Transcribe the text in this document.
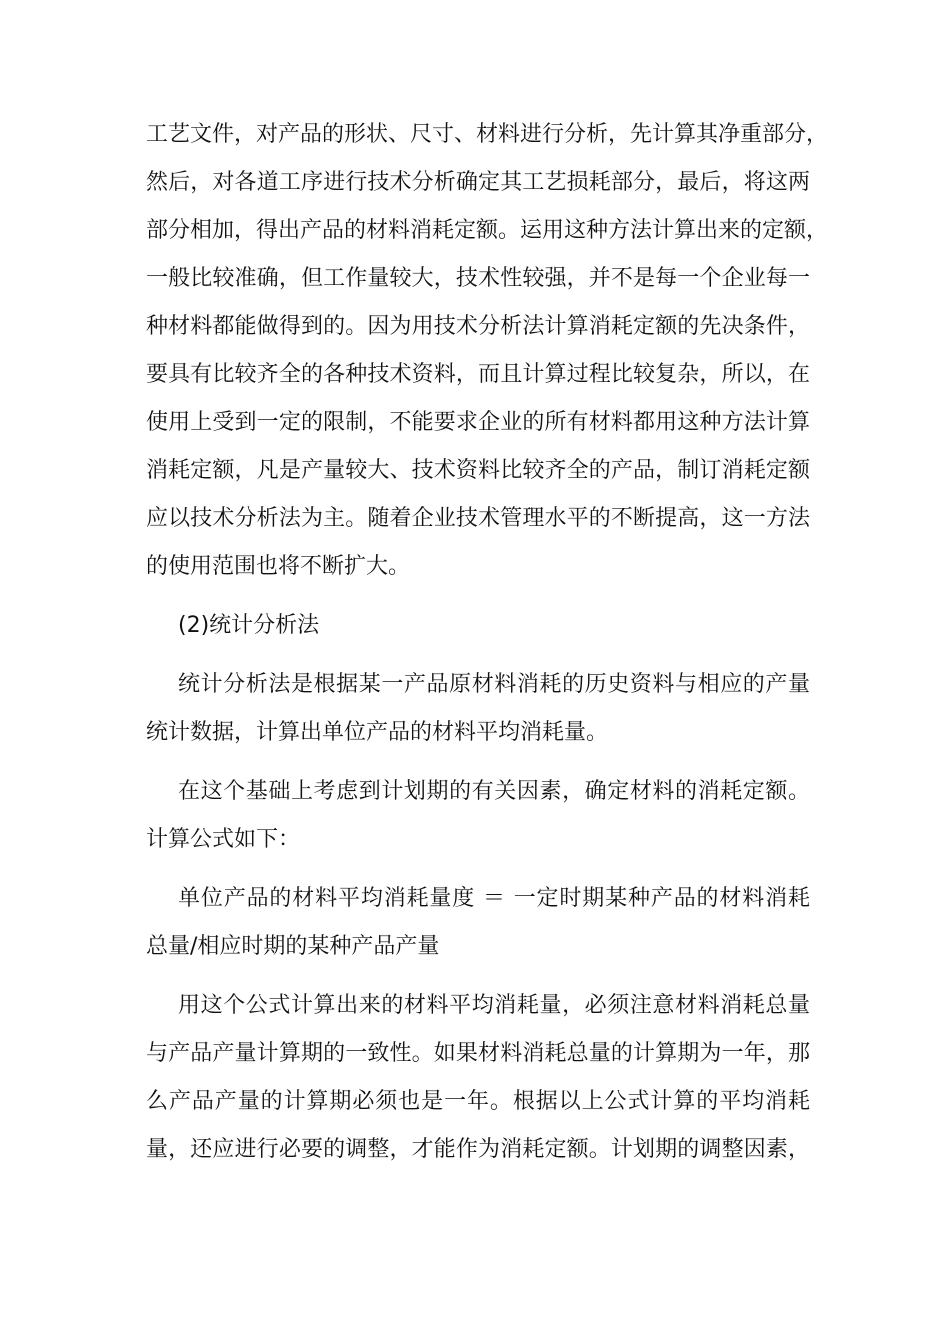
工艺文件，对产品的形状、尺寸、材料进行分析，先计算其净重部分，
然后，对各道工序进行技术分析确定其工艺损耗部分，最后，将这两
部分相加，得出产品的材料消耗定额。运用这种方法计算出来的定额，
一般比较准确，但工作量较大，技术性较强，并不是每一个企业每一
种材料都能做得到的。因为用技术分析法计算消耗定额的先决条件，
要具有比较齐全的各种技术资料，而且计算过程比较复杂，所以，在
使用上受到一定的限制，不能要求企业的所有材料都用这种方法计算
消耗定额，凡是产量较大、技术资料比较齐全的产品，制订消耗定额
应以技术分析法为主。随着企业技术管理水平的不断提高，这一方法
的使用范围也将不断扩大。

(2)统计分析法

统计分析法是根据某一产品原材料消耗的历史资料与相应的产量
统计数据，计算出单位产品的材料平均消耗量。

在这个基础上考虑到计划期的有关因素，确定材料的消耗定额。
计算公式如下：

单位产品的材料平均消耗量度 ＝ 一定时期某种产品的材料消耗
总量/相应时期的某种产品产量

用这个公式计算出来的材料平均消耗量，必须注意材料消耗总量
与产品产量计算期的一致性。如果材料消耗总量的计算期为一年，那
么产品产量的计算期必须也是一年。根据以上公式计算的平均消耗
量，还应进行必要的调整，才能作为消耗定额。计划期的调整因素，
